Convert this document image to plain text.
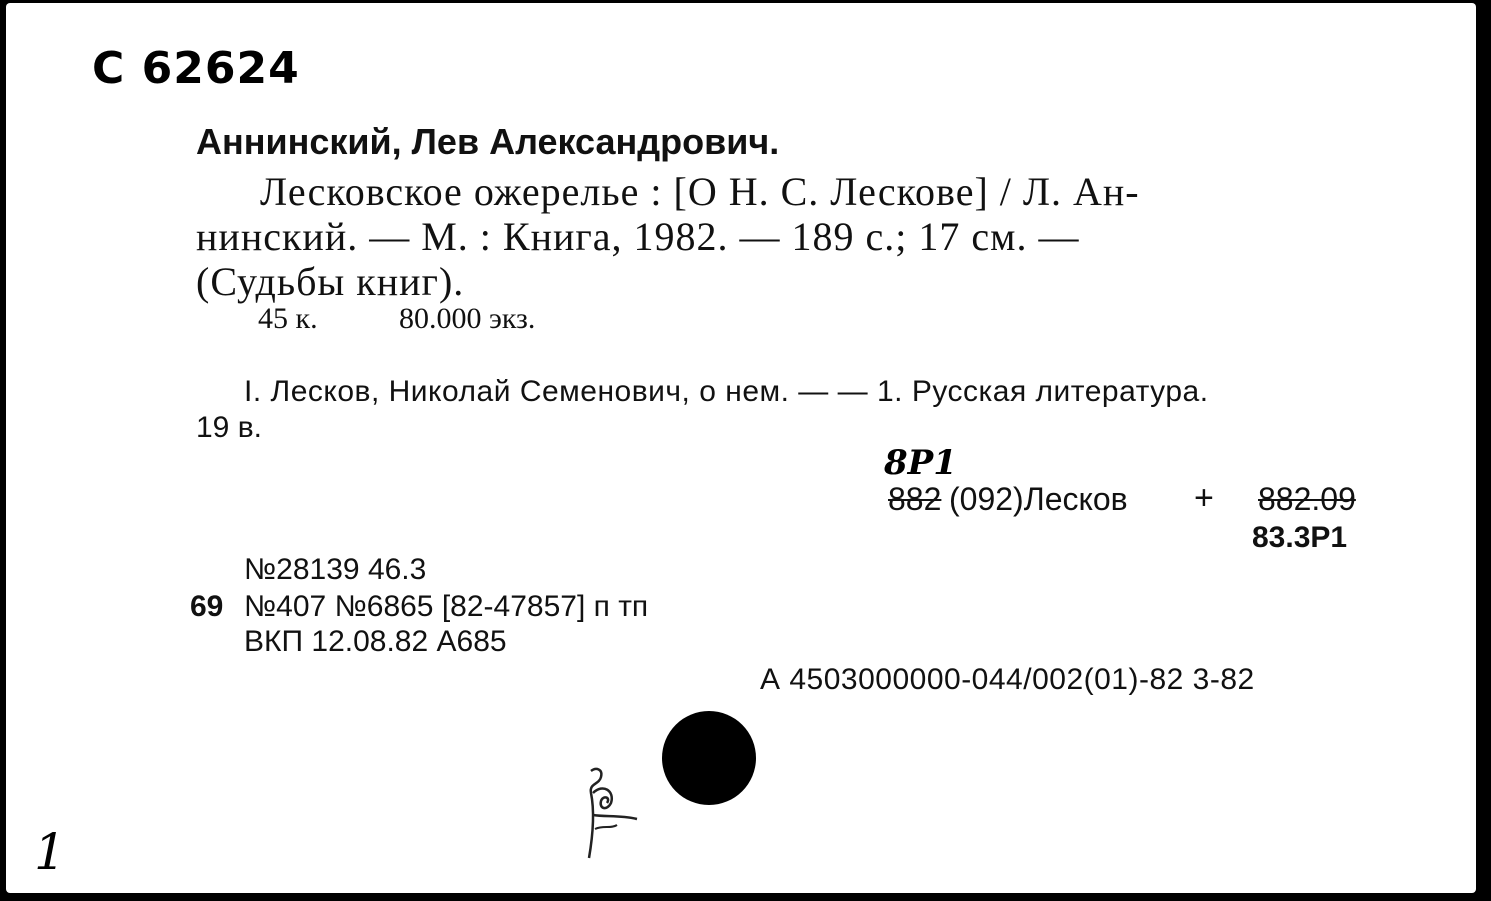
С 62624
Аннинский, Лев Александрович.
Лесковское ожерелье : [О Н. С. Лескове] / Л. Ан-
нинский. — М. : Книга, 1982. — 189 с.; 17 см. —
(Судьбы книг).
45 к.	80.000 экз.
I. Лесков, Николай Семенович, о нем. — — 1. Русская литература.
19 в.
8Р1
882 (092)Лесков + 882.09
83.3Р1
№28139 46.3
69 №407 №6865 [82-47857] п тп
ВКП 12.08.82 А685
А 4503000000-044/002(01)-82 3-82
1
